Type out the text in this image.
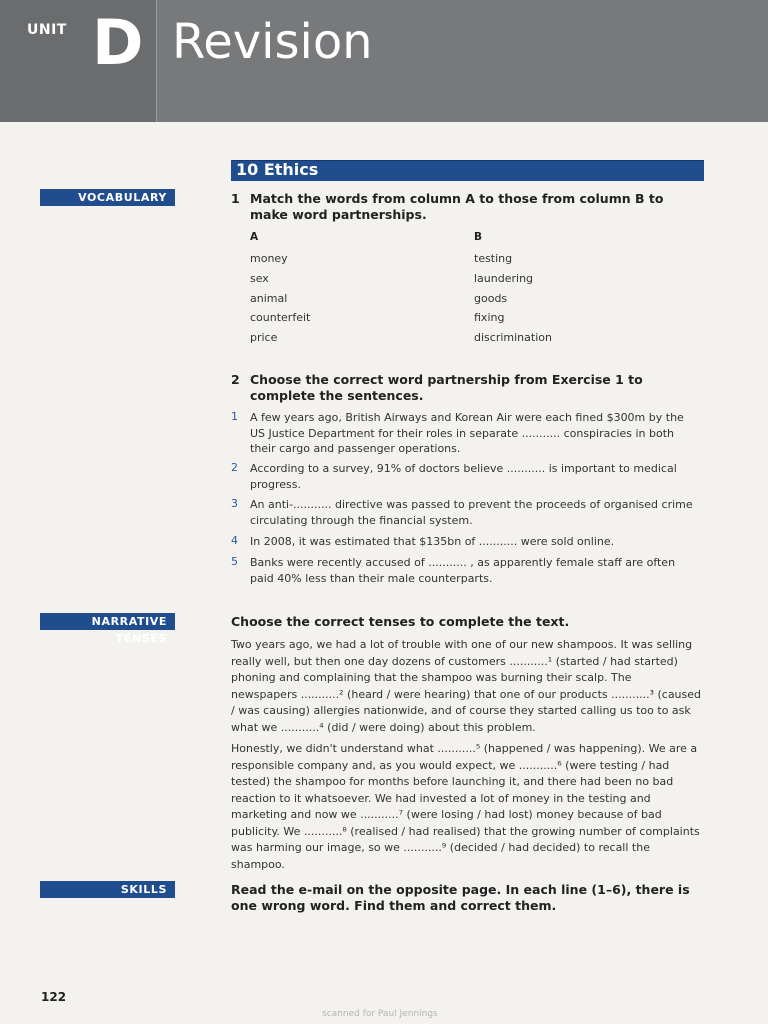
UNIT D Revision
10 Ethics
VOCABULARY
NARRATIVE TENSES
SKILLS
1 Match the words from column A to those from column B to make word partnerships.
A	B
money
sex
animal
counterfeit
price
testing
laundering
goods
fixing
discrimination
2 Choose the correct word partnership from Exercise 1 to complete the sentences.
1 A few years ago, British Airways and Korean Air were each fined $300m by the US Justice Department for their roles in separate ........... conspiracies in both their cargo and passenger operations.
2 According to a survey, 91% of doctors believe ........... is important to medical progress.
3 An anti-........... directive was passed to prevent the proceeds of organised crime circulating through the financial system.
4 In 2008, it was estimated that $135bn of ........... were sold online.
5 Banks were recently accused of ........... , as apparently female staff are often paid 40% less than their male counterparts.
Choose the correct tenses to complete the text.
Two years ago, we had a lot of trouble with one of our new shampoos. It was selling really well, but then one day dozens of customers ...........¹ (started / had started) phoning and complaining that the shampoo was burning their scalp. The newspapers ...........² (heard / were hearing) that one of our products ...........³ (caused / was causing) allergies nationwide, and of course they started calling us too to ask what we ...........⁴ (did / were doing) about this problem.
Honestly, we didn't understand what ...........⁵ (happened / was happening). We are a responsible company and, as you would expect, we ...........⁶ (were testing / had tested) the shampoo for months before launching it, and there had been no bad reaction to it whatsoever. We had invested a lot of money in the testing and marketing and now we ...........⁷ (were losing / had lost) money because of bad publicity. We ...........⁸ (realised / had realised) that the growing number of complaints was harming our image, so we ...........⁹ (decided / had decided) to recall the shampoo.
Read the e-mail on the opposite page. In each line (1–6), there is one wrong word. Find them and correct them.
122
scanned for Paul Jennings
